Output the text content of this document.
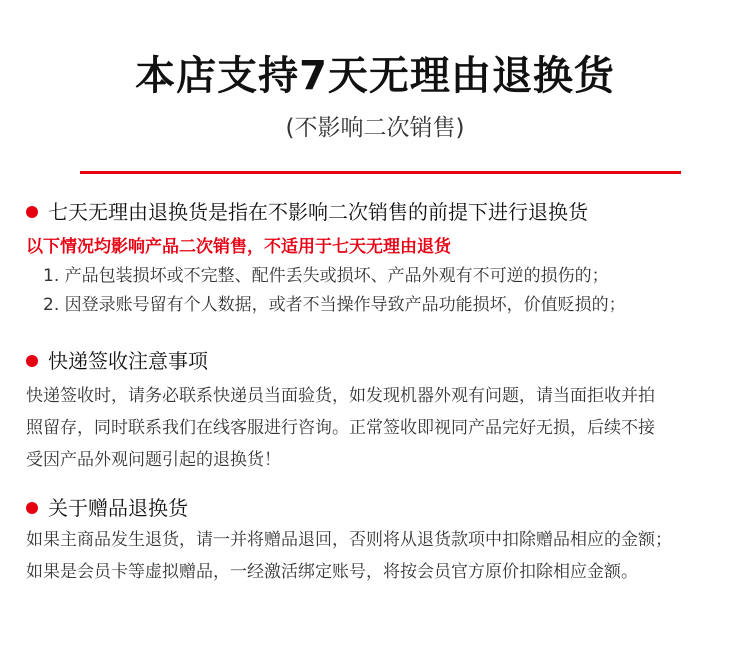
本店支持7天无理由退换货
(不影响二次销售)
七天无理由退换货是指在不影响二次销售的前提下进行退换货
以下情况均影响产品二次销售，不适用于七天无理由退货
1. 产品包装损坏或不完整、配件丢失或损坏、产品外观有不可逆的损伤的；
2. 因登录账号留有个人数据，或者不当操作导致产品功能损坏，价值贬损的；
快递签收注意事项

快递签收时，请务必联系快递员当面验货，如发现机器外观有问题，请当面拒收并拍

照留存，同时联系我们在线客服进行咨询。正常签收即视同产品完好无损，后续不接

受因产品外观问题引起的退换货！

关于赠品退换货

如果主商品发生退货，请一并将赠品退回，否则将从退货款项中扣除赠品相应的金额；

如果是会员卡等虚拟赠品，一经激活绑定账号，将按会员官方原价扣除相应金额。
